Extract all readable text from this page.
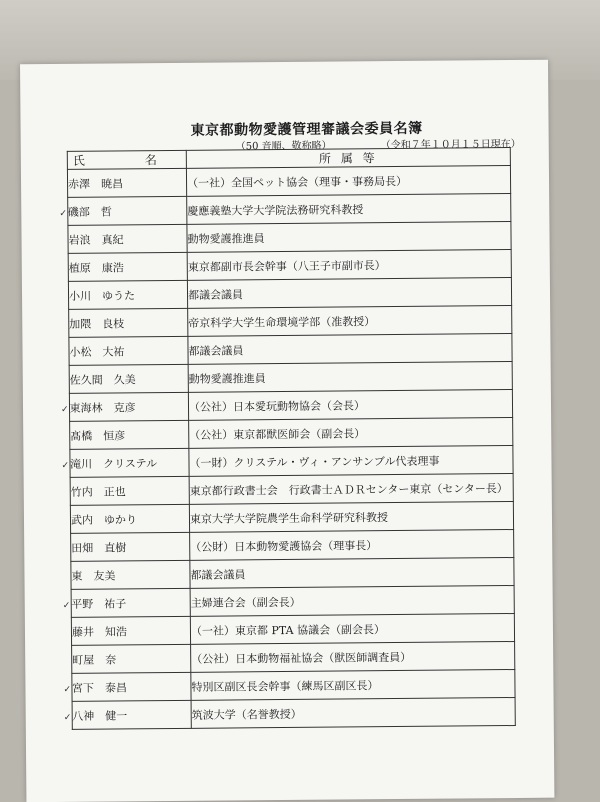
東京都動物愛護管理審議会委員名簿
（50 音順、敬称略）	（令和７年１０月１５日現在）
氏　名	所 属 等
赤澤　暁昌	（一社）全国ペット協会（理事・事務局長）
✓磯部　哲	慶應義塾大学大学院法務研究科教授
岩浪　真紀	動物愛護推進員
植原　康浩	東京都副市長会幹事（八王子市副市長）
小川　ゆうた	都議会議員
加隈　良枝	帝京科学大学生命環境学部（准教授）
小松　大祐	都議会議員
佐久間　久美	動物愛護推進員
✓東海林　克彦	（公社）日本愛玩動物協会（会長）
髙橋　恒彦	（公社）東京都獣医師会（副会長）
✓滝川　クリステル	（一財）クリステル・ヴィ・アンサンブル代表理事
竹内　正也	東京都行政書士会　行政書士ＡＤＲセンター東京（センター長）
武内　ゆかり	東京大学大学院農学生命科学研究科教授
田畑　直樹	（公財）日本動物愛護協会（理事長）
東　友美	都議会議員
✓平野　祐子	主婦連合会（副会長）
藤井　知浩	（一社）東京都 PTA 協議会（副会長）
町屋　奈	（公社）日本動物福祉協会（獣医師調査員）
✓宮下　泰昌	特別区副区長会幹事（練馬区副区長）
✓八神　健一	筑波大学（名誉教授）
